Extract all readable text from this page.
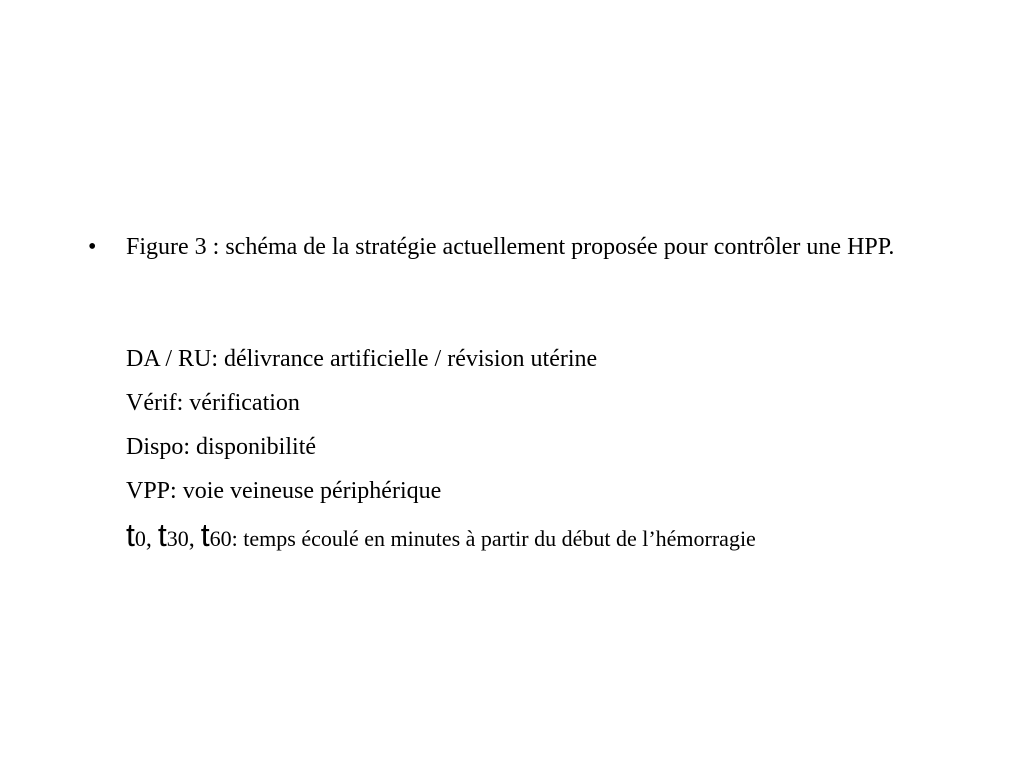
• Figure 3 : schéma de la stratégie actuellement proposée pour contrôler une HPP.

DA / RU: délivrance artificielle / révision utérine

Vérif: vérification

Dispo: disponibilité

VPP: voie veineuse périphérique

t0, t30, t60: temps écoulé en minutes à partir du début de l’hémorragie
